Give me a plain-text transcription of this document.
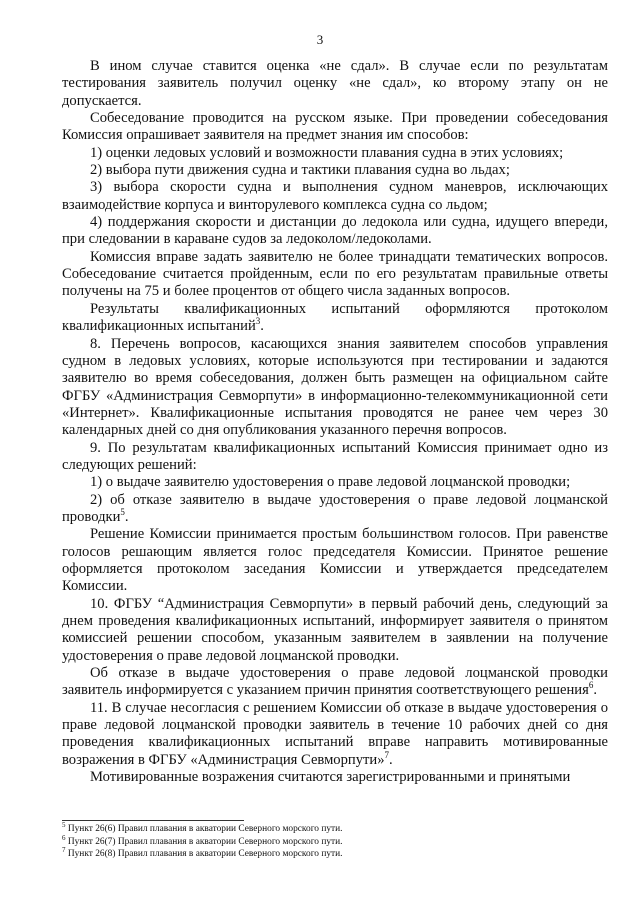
3

В ином случае ставится оценка «не сдал». В случае если по результатам тестирования заявитель получил оценку «не сдал», ко второму этапу он не допускается.

Собеседование проводится на русском языке. При проведении собеседования Комиссия опрашивает заявителя на предмет знания им способов:

1) оценки ледовых условий и возможности плавания судна в этих условиях;

2) выбора пути движения судна и тактики плавания судна во льдах;

3) выбора скорости судна и выполнения судном маневров, исключающих взаимодействие корпуса и винторулевого комплекса судна со льдом;

4) поддержания скорости и дистанции до ледокола или судна, идущего впереди, при следовании в караване судов за ледоколом/ледоколами.

Комиссия вправе задать заявителю не более тринадцати тематических вопросов. Собеседование считается пройденным, если по его результатам правильные ответы получены на 75 и более процентов от общего числа заданных вопросов.

Результаты квалификационных испытаний оформляются протоколом квалификационных испытаний$^3$.

8. Перечень вопросов, касающихся знания заявителем способов управления судном в ледовых условиях, которые используются при тестировании и задаются заявителю во время собеседования, должен быть размещен на официальном сайте ФГБУ «Администрация Севморпути» в информационно-телекоммуникационной сети «Интернет». Квалификационные испытания проводятся не ранее чем через 30 календарных дней со дня опубликования указанного перечня вопросов.

9. По результатам квалификационных испытаний Комиссия принимает одно из следующих решений:

1) о выдаче заявителю удостоверения о праве ледовой лоцманской проводки;

2) об отказе заявителю в выдаче удостоверения о праве ледовой лоцманской проводки$^5$.

Решение Комиссии принимается простым большинством голосов. При равенстве голосов решающим является голос председателя Комиссии. Принятое решение оформляется протоколом заседания Комиссии и утверждается председателем Комиссии.

10. ФГБУ “Администрация Севморпути» в первый рабочий день, следующий за днем проведения квалификационных испытаний, информирует заявителя о принятом комиссией решении способом, указанным заявителем в заявлении на получение удостоверения о праве ледовой лоцманской проводки.

Об отказе в выдаче удостоверения о праве ледовой лоцманской проводки заявитель информируется с указанием причин принятия соответствующего решения$^6$.

11. В случае несогласия с решением Комиссии об отказе в выдаче удостоверения о праве ледовой лоцманской проводки заявитель в течение 10 рабочих дней со дня проведения квалификационных испытаний вправе направить мотивированные возражения в ФГБУ «Администрация Севморпути»$^7$.

Мотивированные возражения считаются зарегистрированными и принятыми

$^5$ Пункт 26(6) Правил плавания в акватории Северного морского пути.
$^6$ Пункт 26(7) Правил плавания в акватории Северного морского пути.
$^7$ Пункт 26(8) Правил плавания в акватории Северного морского пути.
